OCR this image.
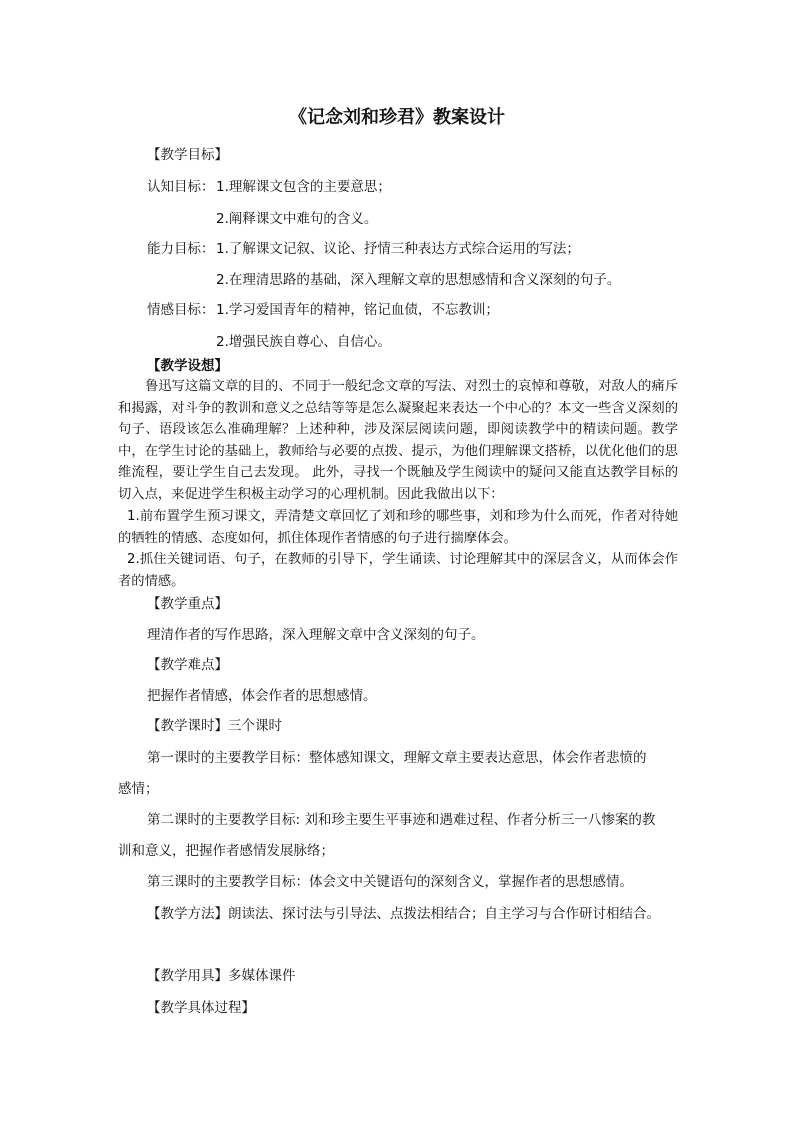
《记念刘和珍君》教案设计
【教学目标】
认知目标： 1.理解课文包含的主要意思；
2.阐释课文中难句的含义。
能力目标： 1.了解课文记叙、议论、抒情三种表达方式综合运用的写法；
2.在理清思路的基础，深入理解文章的思想感情和含义深刻的句子。
情感目标： 1.学习爱国青年的精神，铭记血债，不忘教训；
2.增强民族自尊心、自信心。
【教学设想】
鲁迅写这篇文章的目的、不同于一般纪念文章的写法、对烈士的哀悼和尊敬，对敌人的痛斥和揭露，对斗争的教训和意义之总结等等是怎么凝聚起来表达一个中心的？本文一些含义深刻的句子、语段该怎么准确理解？上述种种，涉及深层阅读问题，即阅读教学中的精读问题。教学中，在学生讨论的基础上，教师给与必要的点拨、提示，为他们理解课文搭桥，以优化他们的思维流程，要让学生自己去发现。 此外，寻找一个既触及学生阅读中的疑问又能直达教学目标的切入点，来促进学生积极主动学习的心理机制。因此我做出以下：
1.前布置学生预习课文，弄清楚文章回忆了刘和珍的哪些事，刘和珍为什么而死，作者对待她的牺牲的情感、态度如何，抓住体现作者情感的句子进行揣摩体会。
2.抓住关键词语、句子，在教师的引导下，学生诵读、讨论理解其中的深层含义，从而体会作者的情感。
【教学重点】
理清作者的写作思路，深入理解文章中含义深刻的句子。
【教学难点】
把握作者情感，体会作者的思想感情。
【教学课时】三个课时
第一课时的主要教学目标：整体感知课文，理解文章主要表达意思，体会作者悲愤的
感情；
第二课时的主要教学目标: 刘和珍主要生平事迹和遇难过程、作者分析三一八惨案的教
训和意义，把握作者感情发展脉络；
第三课时的主要教学目标：体会文中关键语句的深刻含义，掌握作者的思想感情。
【教学方法】朗读法、探讨法与引导法、点拨法相结合；自主学习与合作研讨相结合。
【教学用具】多媒体课件
【教学具体过程】
